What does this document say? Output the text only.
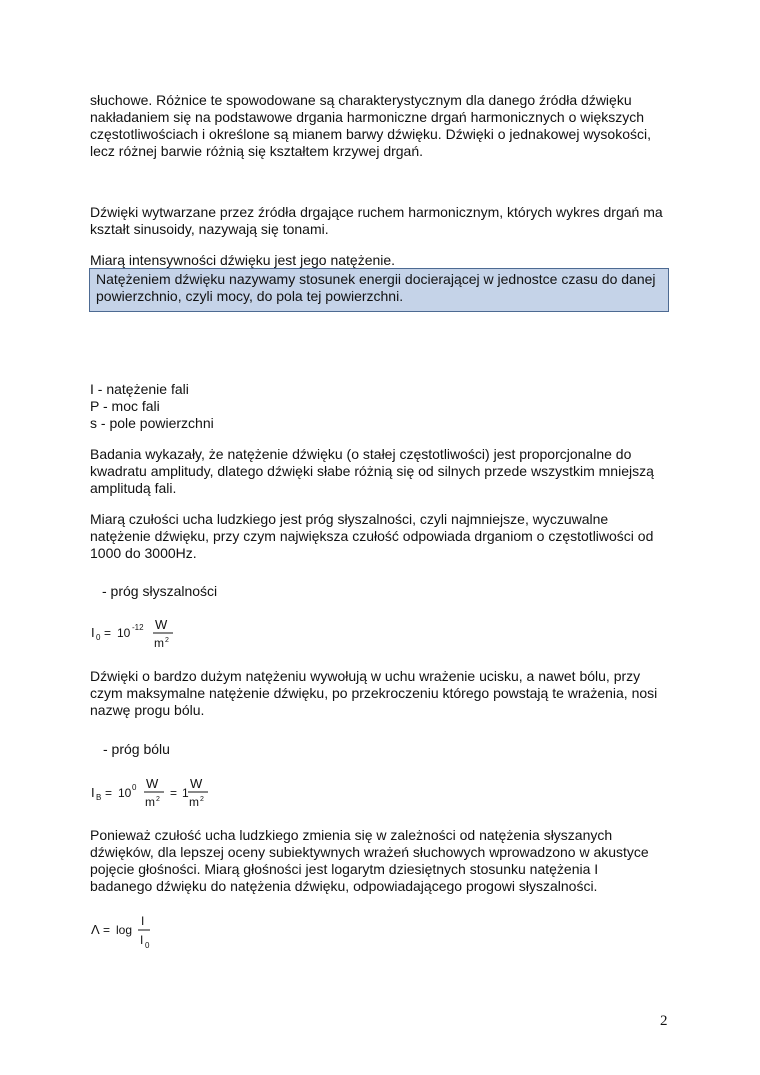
słuchowe. Różnice te spowodowane są charakterystycznym dla danego źródła dźwięku
nakładaniem się na podstawowe drgania harmoniczne drgań harmonicznych o większych
częstotliwościach i określone są mianem barwy dźwięku. Dźwięki o jednakowej wysokości,
lecz różnej barwie różnią się kształtem krzywej drgań.

Dźwięki wytwarzane przez źródła drgające ruchem harmonicznym, których wykres drgań ma
kształt sinusoidy, nazywają się tonami.

Miarą intensywności dźwięku jest jego natężenie.

Natężeniem dźwięku nazywamy stosunek energii docierającej w jednostce czasu do danej
powierzchnio, czyli mocy, do pola tej powierzchni.

I - natężenie fali
P - moc fali
s - pole powierzchni

Badania wykazały, że natężenie dźwięku (o stałej częstotliwości) jest proporcjonalne do
kwadratu amplitudy, dlatego dźwięki słabe różnią się od silnych przede wszystkim mniejszą
amplitudą fali.

Miarą czułości ucha ludzkiego jest próg słyszalności, czyli najmniejsze, wyczuwalne
natężenie dźwięku, przy czym największa czułość odpowiada drganiom o częstotliwości od
1000 do 3000Hz.

- próg słyszalności

I 0 = 10 -12 W
m 2

Dźwięki o bardzo dużym natężeniu wywołują w uchu wrażenie ucisku, a nawet bólu, przy
czym maksymalne natężenie dźwięku, po przekroczeniu którego powstają te wrażenia, nosi
nazwę progu bólu.

- próg bólu

I B = 10 0 W
m 2 = 1
W
m 2

Ponieważ czułość ucha ludzkiego zmienia się w zależności od natężenia słyszanych
dźwięków, dla lepszej oceny subiektywnych wrażeń słuchowych wprowadzono w akustyce
pojęcie głośności. Miarą głośności jest logarytm dziesiętnych stosunku natężenia I
badanego dźwięku do natężenia dźwięku, odpowiadającego progowi słyszalności.

Λ = log
I
I 0
2
